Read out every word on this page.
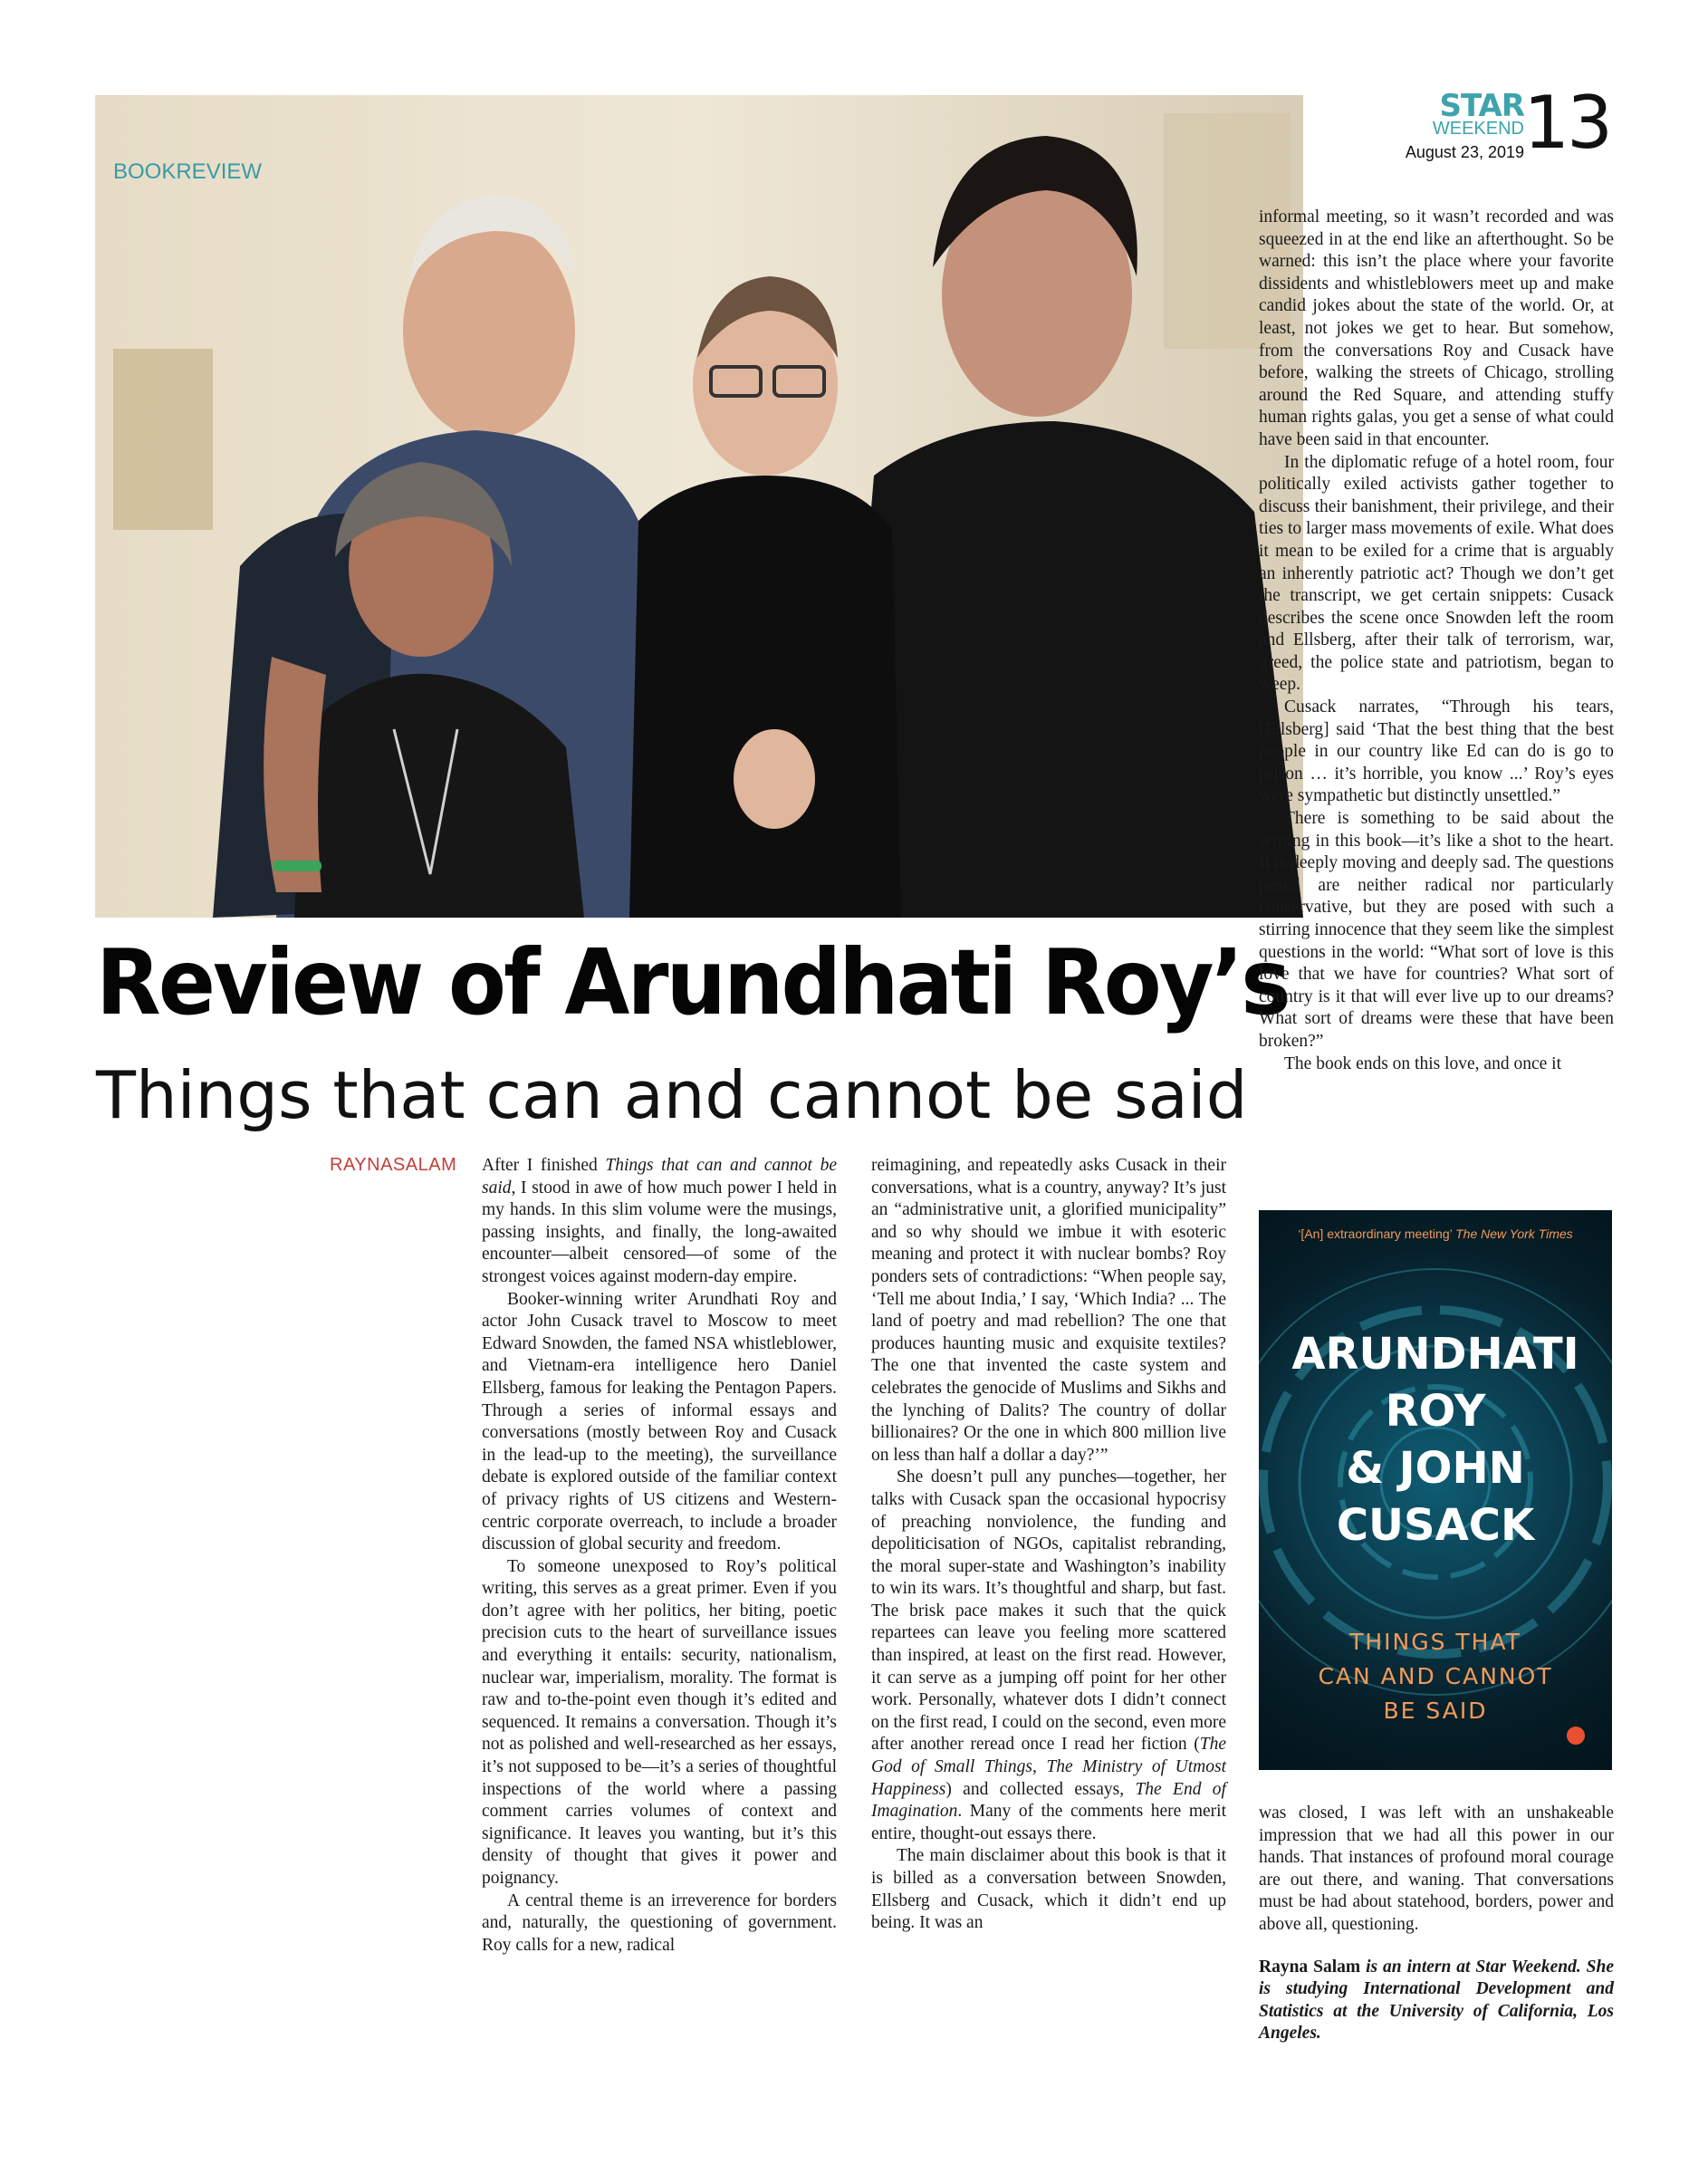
BOOKREVIEW
STAR
WEEKEND 13
August 23, 2019
Review of Arundhati Roy’s
Things that can and cannot be said
RAYNASALAM After I finished Things that can and cannot be said, I stood in awe of how much power I held in my hands. In this slim volume were the musings, passing insights, and finally, the long-awaited encounter—albeit censored—of some of the strongest voices against modern-day empire.

Booker-winning writer Arundhati Roy and actor John Cusack travel to Moscow to meet Edward Snowden, the famed NSA whistleblower, and Vietnam-era intelligence hero Daniel Ellsberg, famous for leaking the Pentagon Papers. Through a series of informal essays and conversations (mostly between Roy and Cusack in the lead-up to the meeting), the surveillance debate is explored outside of the familiar context of privacy rights of US citizens and Western-centric corporate overreach, to include a broader discussion of global security and freedom.

To someone unexposed to Roy’s political writing, this serves as a great primer. Even if you don’t agree with her politics, her biting, poetic precision cuts to the heart of surveillance issues and everything it entails: security, nationalism, nuclear war, imperialism, morality. The format is raw and to-the-point even though it’s edited and sequenced. It remains a conversation. Though it’s not as polished and well-researched as her essays, it’s not supposed to be—it’s a series of thoughtful inspections of the world where a passing comment carries volumes of context and significance. It leaves you wanting, but it’s this density of thought that gives it power and poignancy.

A central theme is an irreverence for borders and, naturally, the questioning of government. Roy calls for a new, radical

reimagining, and repeatedly asks Cusack in their conversations, what is a country, anyway? It’s just an “administrative unit, a glorified municipality” and so why should we imbue it with esoteric meaning and protect it with nuclear bombs? Roy ponders sets of contradictions: “When people say, ‘Tell me about India,’ I say, ‘Which India? ... The land of poetry and mad rebellion? The one that produces haunting music and exquisite textiles? The one that invented the caste system and celebrates the genocide of Muslims and Sikhs and the lynching of Dalits? The country of dollar billionaires? Or the one in which 800 million live on less than half a dollar a day?’”

She doesn’t pull any punches—together, her talks with Cusack span the occasional hypocrisy of preaching nonviolence, the funding and depoliticisation of NGOs, capitalist rebranding, the moral super-state and Washington’s inability to win its wars. It’s thoughtful and sharp, but fast. The brisk pace makes it such that the quick repartees can leave you feeling more scattered than inspired, at least on the first read. However, it can serve as a jumping off point for her other work. Personally, whatever dots I didn’t connect on the first read, I could on the second, even more after another reread once I read her fiction (The God of Small Things, The Ministry of Utmost Happiness) and collected essays, The End of Imagination. Many of the comments here merit entire, thought-out essays there.

The main disclaimer about this book is that it is billed as a conversation between Snowden, Ellsberg and Cusack, which it didn’t end up being. It was an

informal meeting, so it wasn’t recorded and was squeezed in at the end like an afterthought. So be warned: this isn’t the place where your favorite dissidents and whistleblowers meet up and make candid jokes about the state of the world. Or, at least, not jokes we get to hear. But somehow, from the conversations Roy and Cusack have before, walking the streets of Chicago, strolling around the Red Square, and attending stuffy human rights galas, you get a sense of what could have been said in that encounter.

In the diplomatic refuge of a hotel room, four politically exiled activists gather together to discuss their banishment, their privilege, and their ties to larger mass movements of exile. What does it mean to be exiled for a crime that is arguably an inherently patriotic act? Though we don’t get the transcript, we get certain snippets: Cusack describes the scene once Snowden left the room and Ellsberg, after their talk of terrorism, war, greed, the police state and patriotism, began to weep.

Cusack narrates, “Through his tears, [Ellsberg] said ‘That the best thing that the best people in our country like Ed can do is go to prison … it’s horrible, you know ...’ Roy’s eyes were sympathetic but distinctly unsettled.”

There is something to be said about the writing in this book—it’s like a shot to the heart. It is deeply moving and deeply sad. The questions posed are neither radical nor particularly conservative, but they are posed with such a stirring innocence that they seem like the simplest questions in the world: “What sort of love is this love that we have for countries? What sort of country is it that will ever live up to our dreams? What sort of dreams were these that have been broken?”

The book ends on this love, and once it

‘[An] extraordinary meeting’ The New York Times
ARUNDHATI
ROY
& JOHN
CUSACK
THINGS THAT
CAN AND CANNOT
BE SAID

was closed, I was left with an unshakeable impression that we had all this power in our hands. That instances of profound moral courage are out there, and waning. That conversations must be had about statehood, borders, power and above all, questioning.

Rayna Salam is an intern at Star Weekend. She is studying International Development and Statistics at the University of California, Los Angeles.
